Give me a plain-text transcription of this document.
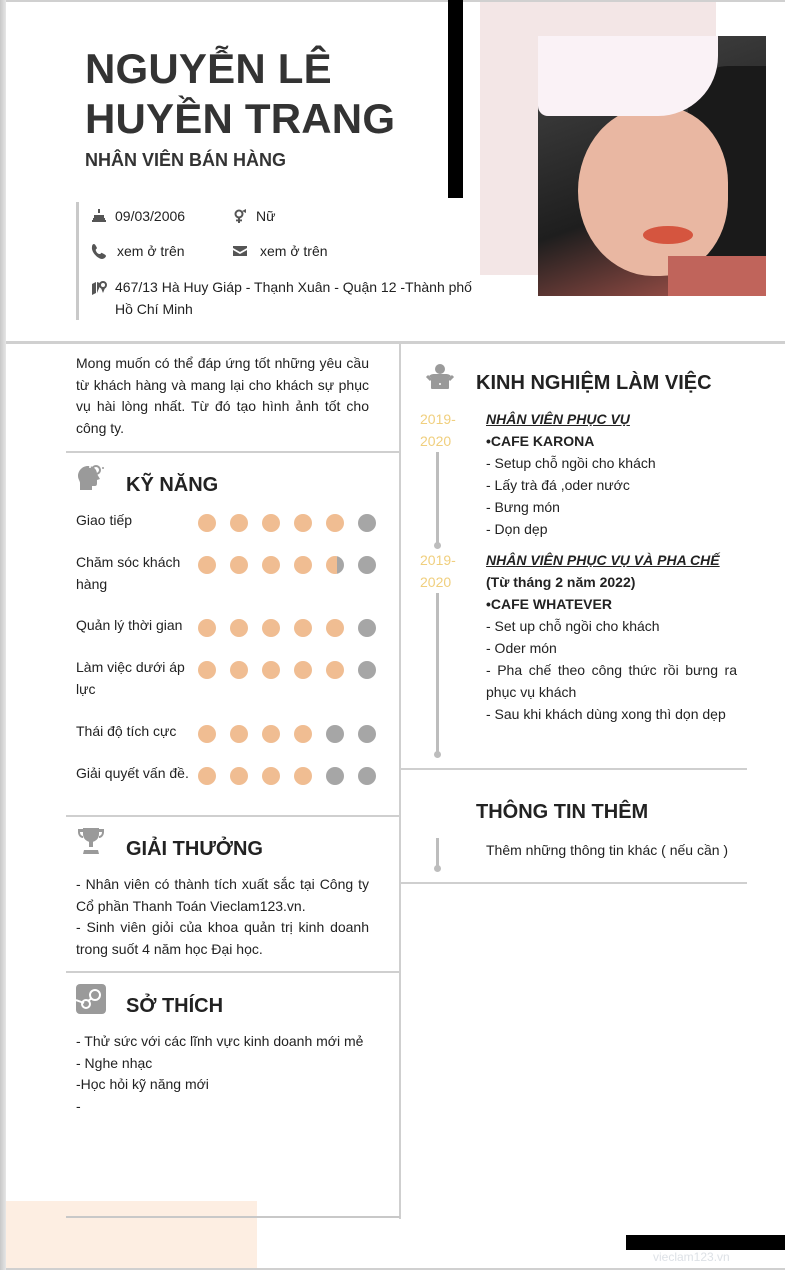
NGUYỄN LÊ
HUYỀN TRANG
NHÂN VIÊN BÁN HÀNG
09/03/2006	Nữ
xem ở trên	xem ở trên
467/13 Hà Huy Giáp - Thạnh Xuân - Quận 12 -Thành phố Hồ Chí Minh
Mong muốn có thể đáp ứng tốt những yêu cầu từ khách hàng và mang lại cho khách sự phục vụ hài lòng nhất. Từ đó tạo hình ảnh tốt cho công ty.
KỸ NĂNG
Giao tiếp
Chăm sóc khách hàng
Quản lý thời gian
Làm việc dưới áp lực
Thái độ tích cực
Giải quyết vấn đề.
GIẢI THƯỞNG
- Nhân viên có thành tích xuất sắc tại Công ty Cổ phần Thanh Toán Vieclam123.vn.
- Sinh viên giỏi của khoa quản trị kinh doanh trong suốt 4 năm học Đại học.
SỞ THÍCH
- Thử sức với các lĩnh vực kinh doanh mới mẻ
- Nghe nhạc
-Học hỏi kỹ năng mới
-
KINH NGHIỆM LÀM VIỆC
2019-
2020
NHÂN VIÊN PHỤC VỤ
•CAFE KARONA
- Setup chỗ ngồi cho khách
- Lấy trà đá ,oder nước
- Bưng món
- Dọn dẹp
2019-
2020
NHÂN VIÊN PHỤC VỤ VÀ PHA CHẾ
(Từ tháng 2 năm 2022)
•CAFE WHATEVER
- Set up chỗ ngồi cho khách
- Oder món
- Pha chế theo công thức rồi bưng ra phục vụ khách
- Sau khi khách dùng xong thì dọn dẹp
THÔNG TIN THÊM
Thêm những thông tin khác ( nếu cần )
vieclam123.vn
